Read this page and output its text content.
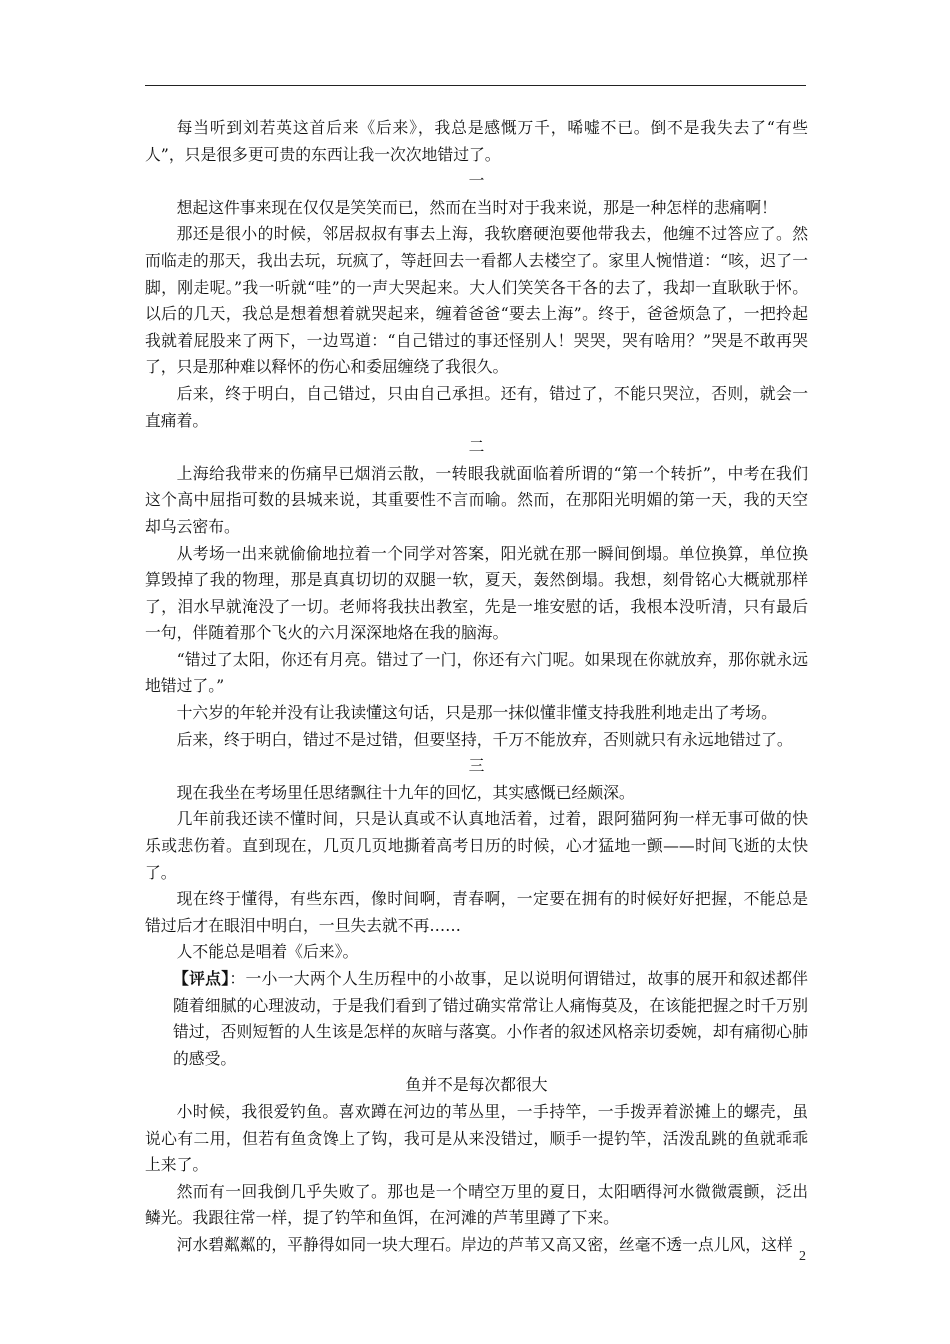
每当听到刘若英这首后来《后来》，我总是感慨万千，唏嘘不已。倒不是我失去了“有些人”，只是很多更可贵的东西让我一次次地错过了。

一

想起这件事来现在仅仅是笑笑而已，然而在当时对于我来说，那是一种怎样的悲痛啊！

那还是很小的时候，邻居叔叔有事去上海，我软磨硬泡要他带我去，他缠不过答应了。然而临走的那天，我出去玩，玩疯了，等赶回去一看都人去楼空了。家里人惋惜道：“咳，迟了一脚，刚走呢。”我一听就“哇”的一声大哭起来。大人们笑笑各干各的去了，我却一直耿耿于怀。以后的几天，我总是想着想着就哭起来，缠着爸爸“要去上海”。终于，爸爸烦急了，一把拎起我就着屁股来了两下，一边骂道：“自己错过的事还怪别人！哭哭，哭有啥用？”哭是不敢再哭了，只是那种难以释怀的伤心和委屈缠绕了我很久。

后来，终于明白，自己错过，只由自己承担。还有，错过了，不能只哭泣，否则，就会一直痛着。

二

上海给我带来的伤痛早已烟消云散，一转眼我就面临着所谓的“第一个转折”，中考在我们这个高中屈指可数的县城来说，其重要性不言而喻。然而，在那阳光明媚的第一天，我的天空却乌云密布。

从考场一出来就偷偷地拉着一个同学对答案，阳光就在那一瞬间倒塌。单位换算，单位换算毁掉了我的物理，那是真真切切的双腿一软，夏天，轰然倒塌。我想，刻骨铭心大概就那样了，泪水早就淹没了一切。老师将我扶出教室，先是一堆安慰的话，我根本没听清，只有最后一句，伴随着那个飞火的六月深深地烙在我的脑海。

“错过了太阳，你还有月亮。错过了一门，你还有六门呢。如果现在你就放弃，那你就永远地错过了。”

十六岁的年轮并没有让我读懂这句话，只是那一抹似懂非懂支持我胜利地走出了考场。

后来，终于明白，错过不是过错，但要坚持，千万不能放弃，否则就只有永远地错过了。

三

现在我坐在考场里任思绪飘往十九年的回忆，其实感慨已经颇深。

几年前我还读不懂时间，只是认真或不认真地活着，过着，跟阿猫阿狗一样无事可做的快乐或悲伤着。直到现在，几页几页地撕着高考日历的时候，心才猛地一颤——时间飞逝的太快了。

现在终于懂得，有些东西，像时间啊，青春啊，一定要在拥有的时候好好把握，不能总是错过后才在眼泪中明白，一旦失去就不再……

人不能总是唱着《后来》。

【评点】：一小一大两个人生历程中的小故事，足以说明何谓错过，故事的展开和叙述都伴随着细腻的心理波动，于是我们看到了错过确实常常让人痛悔莫及，在该能把握之时千万别错过，否则短暂的人生该是怎样的灰暗与落寞。小作者的叙述风格亲切委婉，却有痛彻心肺的感受。

鱼并不是每次都很大

小时候，我很爱钓鱼。喜欢蹲在河边的苇丛里，一手持竿，一手拨弄着淤摊上的螺壳，虽说心有二用，但若有鱼贪馋上了钩，我可是从来没错过，顺手一提钓竿，活泼乱跳的鱼就乖乖上来了。

然而有一回我倒几乎失败了。那也是一个晴空万里的夏日，太阳晒得河水微微震颤，泛出鳞光。我跟往常一样，提了钓竿和鱼饵，在河滩的芦苇里蹲了下来。

河水碧粼粼的，平静得如同一块大理石。岸边的芦苇又高又密，丝毫不透一点儿风，这样

2
